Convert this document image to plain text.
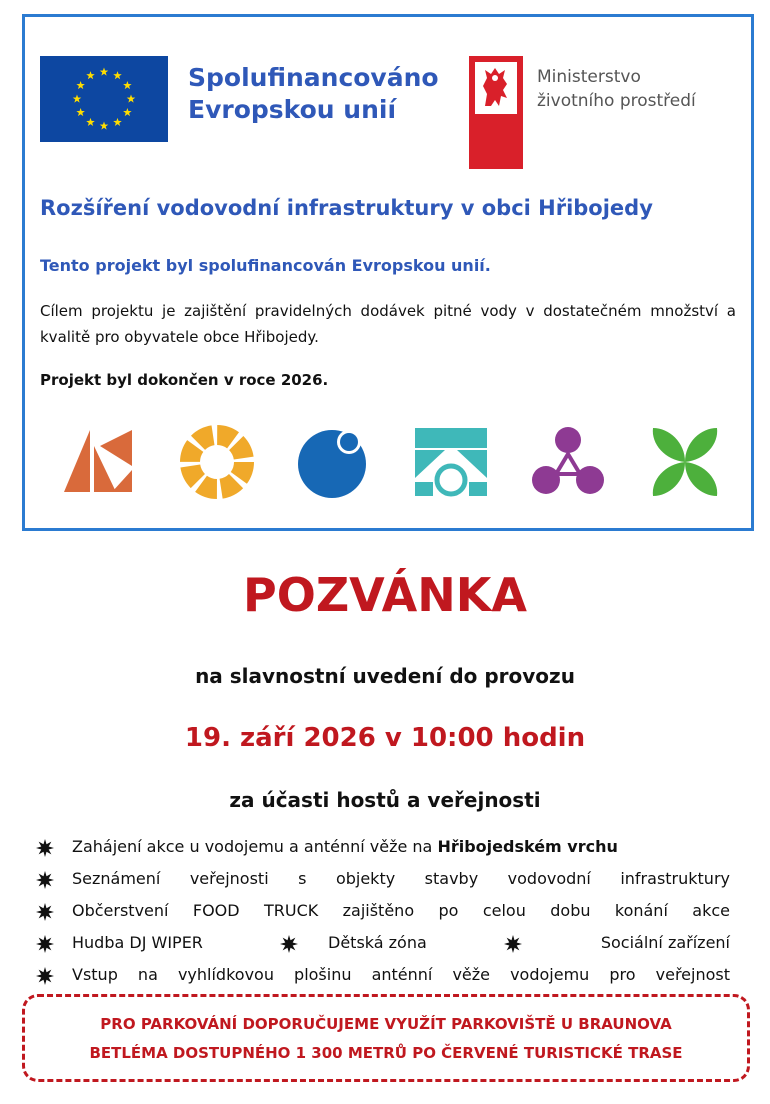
Spolufinancováno
Evropskou unií
Ministerstvo
životního prostředí
Rozšíření vodovodní infrastruktury v obci Hřibojedy
Tento projekt byl spolufinancován Evropskou unií.
Cílem projektu je zajištění pravidelných dodávek pitné vody v dostatečném množství a kvalitě pro obyvatele obce Hřibojedy.
Projekt byl dokončen v roce 2026.
POZVÁNKA
na slavnostní uvedení do provozu
19. září 2026 v 10:00 hodin
za účasti hostů a veřejnosti
Zahájení akce u vodojemu a anténní věže na Hřibojedském vrchu
Seznámení veřejnosti s objekty stavby vodovodní infrastruktury
Občerstvení FOOD TRUCK zajištěno po celou dobu konání akce
Hudba DJ WIPER	Dětská zóna	Sociální zařízení
Vstup na vyhlídkovou plošinu anténní věže vodojemu pro veřejnost
PRO PARKOVÁNÍ DOPORUČUJEME VYUŽÍT PARKOVIŠTĚ U BRAUNOVA
BETLÉMA DOSTUPNÉHO 1 300 METRŮ PO ČERVENÉ TURISTICKÉ TRASE
